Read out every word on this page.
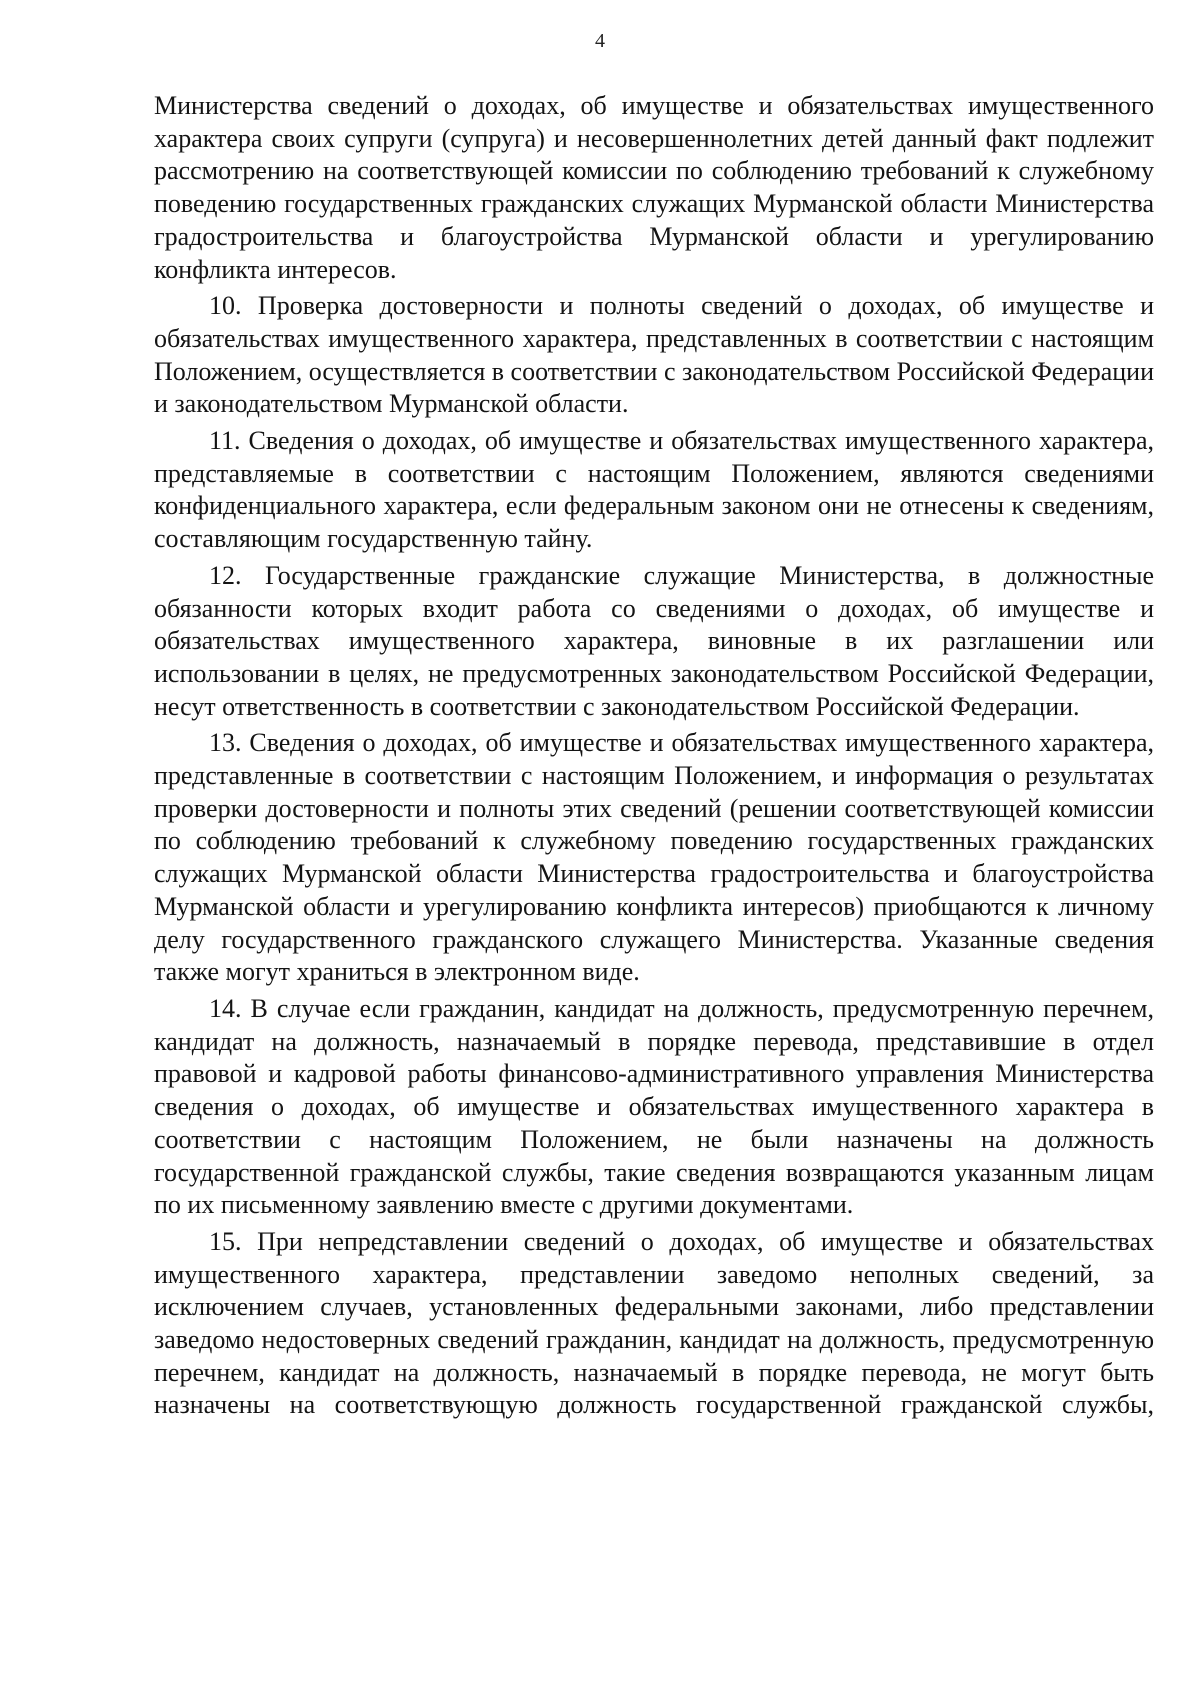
4

Министерства сведений о доходах, об имуществе и обязательствах имущественного характера своих супруги (супруга) и несовершеннолетних детей данный факт подлежит рассмотрению на соответствующей комиссии по соблюдению требований к служебному поведению государственных гражданских служащих Мурманской области Министерства градостроительства и благоустройства Мурманской области и урегулированию конфликта интересов.

10. Проверка достоверности и полноты сведений о доходах, об имуществе и обязательствах имущественного характера, представленных в соответствии с настоящим Положением, осуществляется в соответствии с законодательством Российской Федерации и законодательством Мурманской области.

11. Сведения о доходах, об имуществе и обязательствах имущественного характера, представляемые в соответствии с настоящим Положением, являются сведениями конфиденциального характера, если федеральным законом они не отнесены к сведениям, составляющим государственную тайну.

12. Государственные гражданские служащие Министерства, в должностные обязанности которых входит работа со сведениями о доходах, об имуществе и обязательствах имущественного характера, виновные в их разглашении или использовании в целях, не предусмотренных законодательством Российской Федерации, несут ответственность в соответствии с законодательством Российской Федерации.

13. Сведения о доходах, об имуществе и обязательствах имущественного характера, представленные в соответствии с настоящим Положением, и информация о результатах проверки достоверности и полноты этих сведений (решении соответствующей комиссии по соблюдению требований к служебному поведению государственных гражданских служащих Мурманской области Министерства градостроительства и благоустройства Мурманской области и урегулированию конфликта интересов) приобщаются к личному делу государственного гражданского служащего Министерства. Указанные сведения также могут храниться в электронном виде.

14. В случае если гражданин, кандидат на должность, предусмотренную перечнем, кандидат на должность, назначаемый в порядке перевода, представившие в отдел правовой и кадровой работы финансово-административного управления Министерства сведения о доходах, об имуществе и обязательствах имущественного характера в соответствии с настоящим Положением, не были назначены на должность государственной гражданской службы, такие сведения возвращаются указанным лицам по их письменному заявлению вместе с другими документами.

15. При непредставлении сведений о доходах, об имуществе и обязательствах имущественного характера, представлении заведомо неполных сведений, за исключением случаев, установленных федеральными законами, либо представлении заведомо недостоверных сведений гражданин, кандидат на должность, предусмотренную перечнем, кандидат на должность, назначаемый в порядке перевода, не могут быть назначены на соответствующую должность государственной гражданской службы,
